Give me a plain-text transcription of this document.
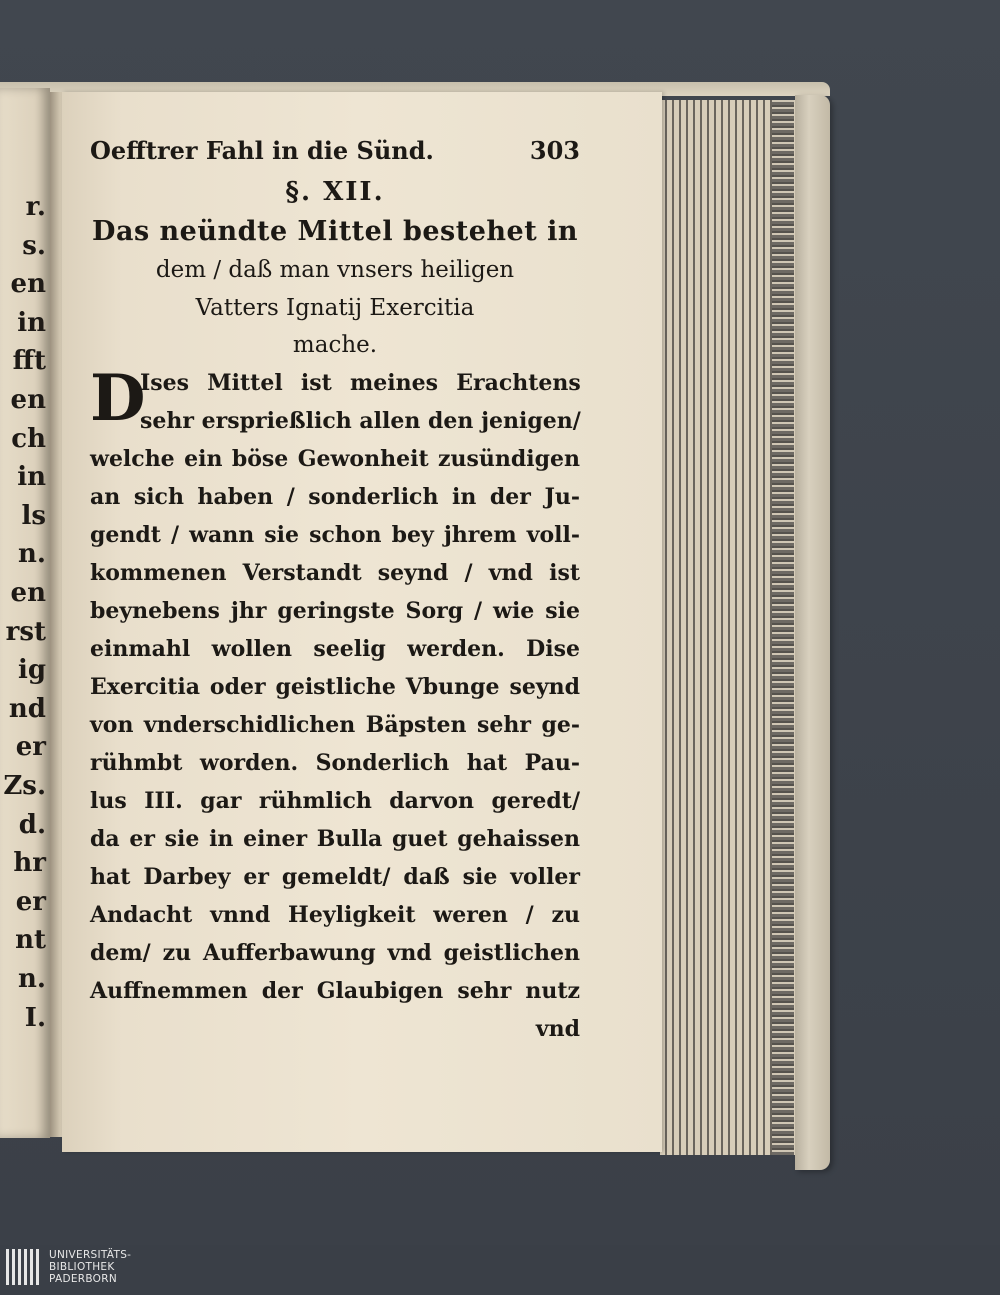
r.
s.
en
in
fft
en
ch
in
ls
n.
en
rst
ig
nd
er
Zs.
d.
hr
er
nt
n.
I.
Oefftrer Fahl in die Sünd.	303
§. XII.
Das neündte Mittel bestehet in
dem / daß man vnsers heiligen
Vatters Ignatij Exercitia
mache.
D
Ises Mittel ist meines Erachtens
sehr ersprießlich allen den jenigen/
welche ein böse Gewonheit zusündigen
an sich haben / sonderlich in der Ju-
gendt / wann sie schon bey jhrem voll-
kommenen Verstandt seynd / vnd ist
beynebens jhr geringste Sorg / wie sie
einmahl wollen seelig werden. Dise
Exercitia oder geistliche Vbunge seynd
von vnderschidlichen Bäpsten sehr ge-
rühmbt worden. Sonderlich hat Pau-
lus III. gar rühmlich darvon geredt/
da er sie in einer Bulla guet gehaissen
hat Darbey er gemeldt/ daß sie voller
Andacht vnnd Heyligkeit weren / zu
dem/ zu Aufferbawung vnd geistlichen
Auffnemmen der Glaubigen sehr nutz
vnd
UNIVERSITÄTS-
BIBLIOTHEK
PADERBORN
